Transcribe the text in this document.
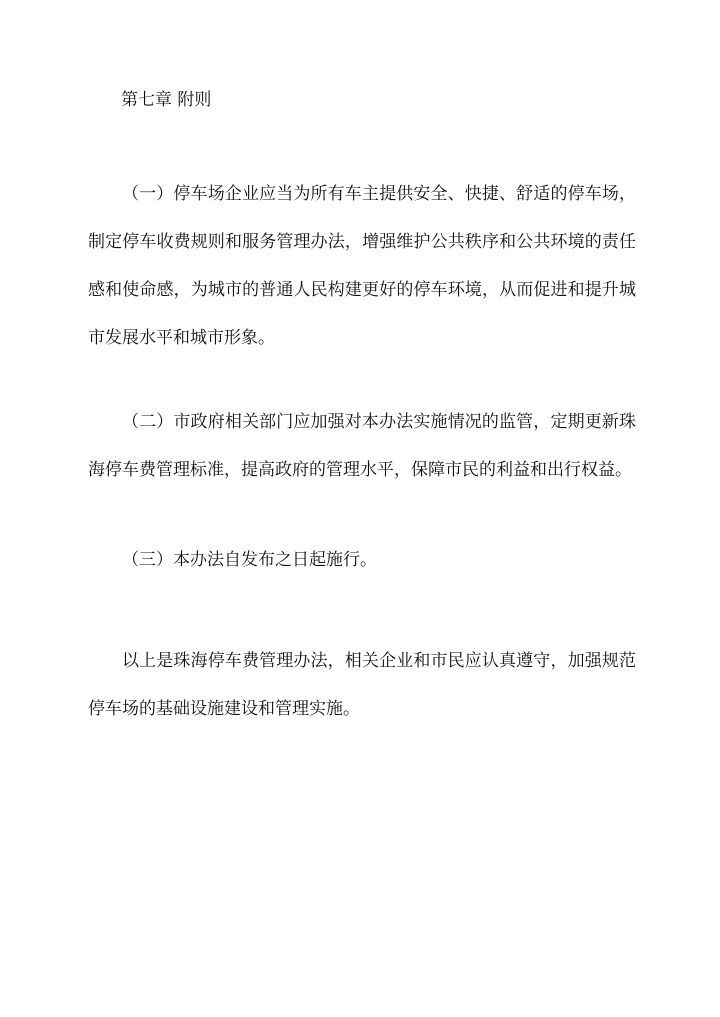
第七章 附则

（一）停车场企业应当为所有车主提供安全、快捷、舒适的停车场，制定停车收费规则和服务管理办法，增强维护公共秩序和公共环境的责任感和使命感，为城市的普通人民构建更好的停车环境，从而促进和提升城市发展水平和城市形象。

（二）市政府相关部门应加强对本办法实施情况的监管，定期更新珠海停车费管理标准，提高政府的管理水平，保障市民的利益和出行权益。

（三）本办法自发布之日起施行。

以上是珠海停车费管理办法，相关企业和市民应认真遵守，加强规范停车场的基础设施建设和管理实施。
